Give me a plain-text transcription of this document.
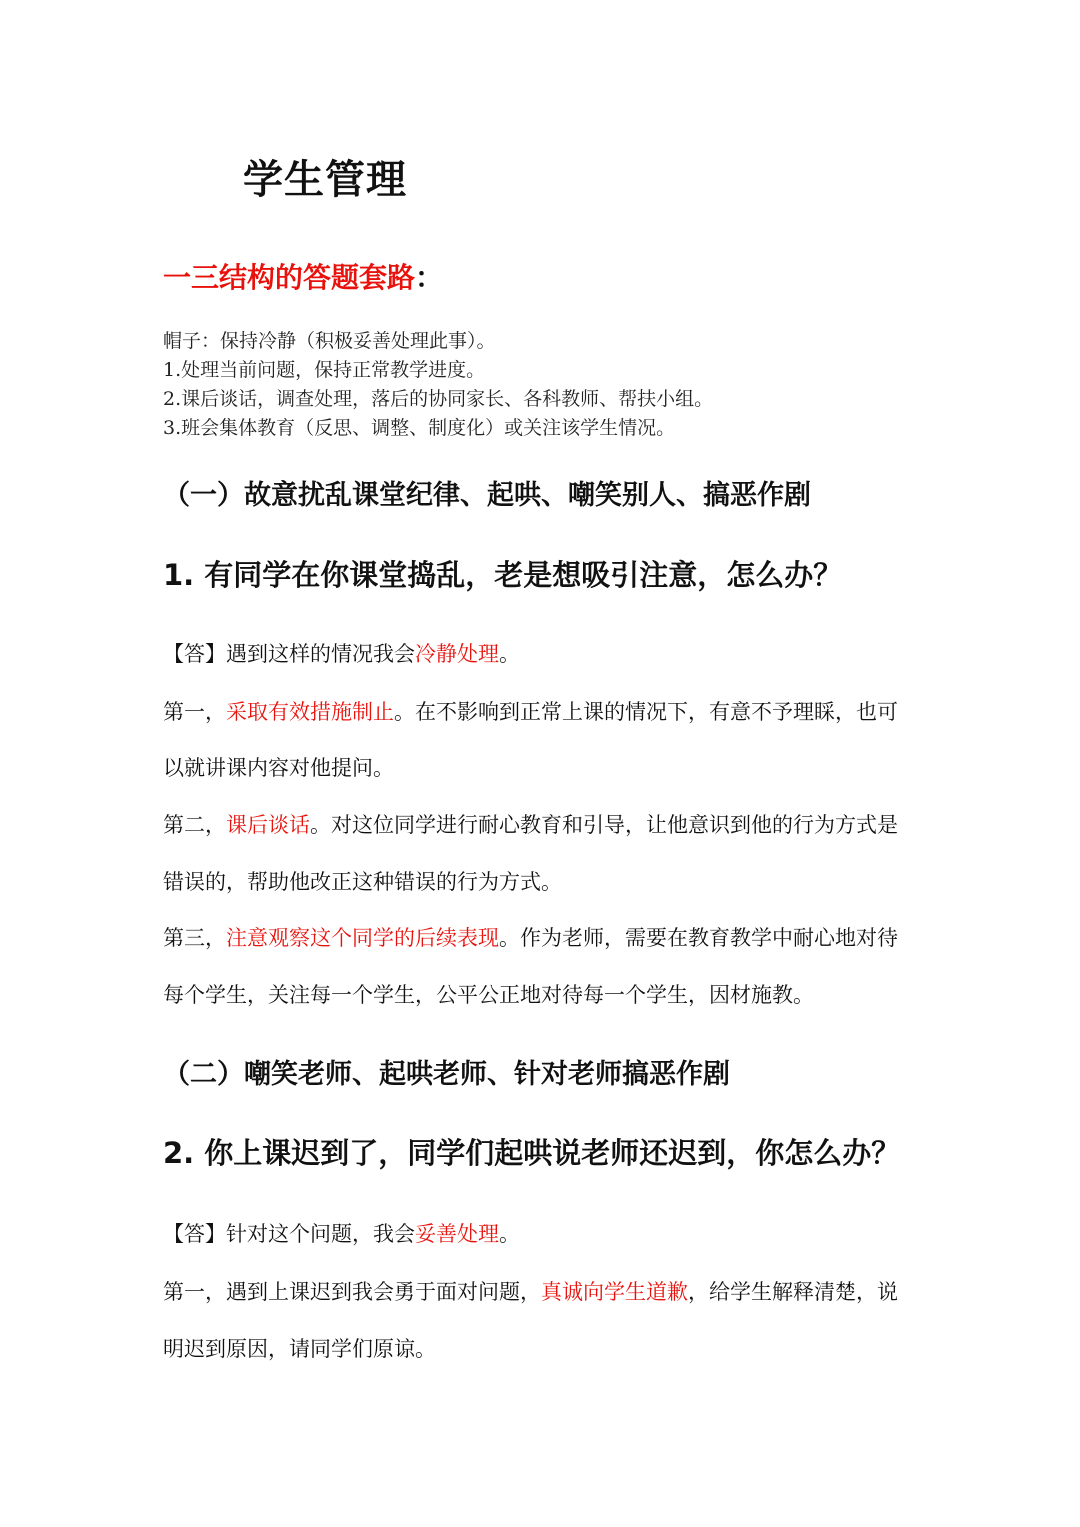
学生管理
一三结构的答题套路：
帽子：保持冷静（积极妥善处理此事）。
1.处理当前问题，保持正常教学进度。
2.课后谈话，调查处理，落后的协同家长、各科教师、帮扶小组。
3.班会集体教育（反思、调整、制度化）或关注该学生情况。
（一）故意扰乱课堂纪律、起哄、嘲笑别人、搞恶作剧
1. 有同学在你课堂捣乱，老是想吸引注意，怎么办？
【答】遇到这样的情况我会冷静处理。
第一，采取有效措施制止。在不影响到正常上课的情况下，有意不予理睬，也可
以就讲课内容对他提问。
第二，课后谈话。对这位同学进行耐心教育和引导，让他意识到他的行为方式是
错误的，帮助他改正这种错误的行为方式。
第三，注意观察这个同学的后续表现。作为老师，需要在教育教学中耐心地对待
每个学生，关注每一个学生，公平公正地对待每一个学生，因材施教。
（二）嘲笑老师、起哄老师、针对老师搞恶作剧
2. 你上课迟到了，同学们起哄说老师还迟到，你怎么办？
【答】针对这个问题，我会妥善处理。
第一，遇到上课迟到我会勇于面对问题，真诚向学生道歉，给学生解释清楚，说
明迟到原因，请同学们原谅。
